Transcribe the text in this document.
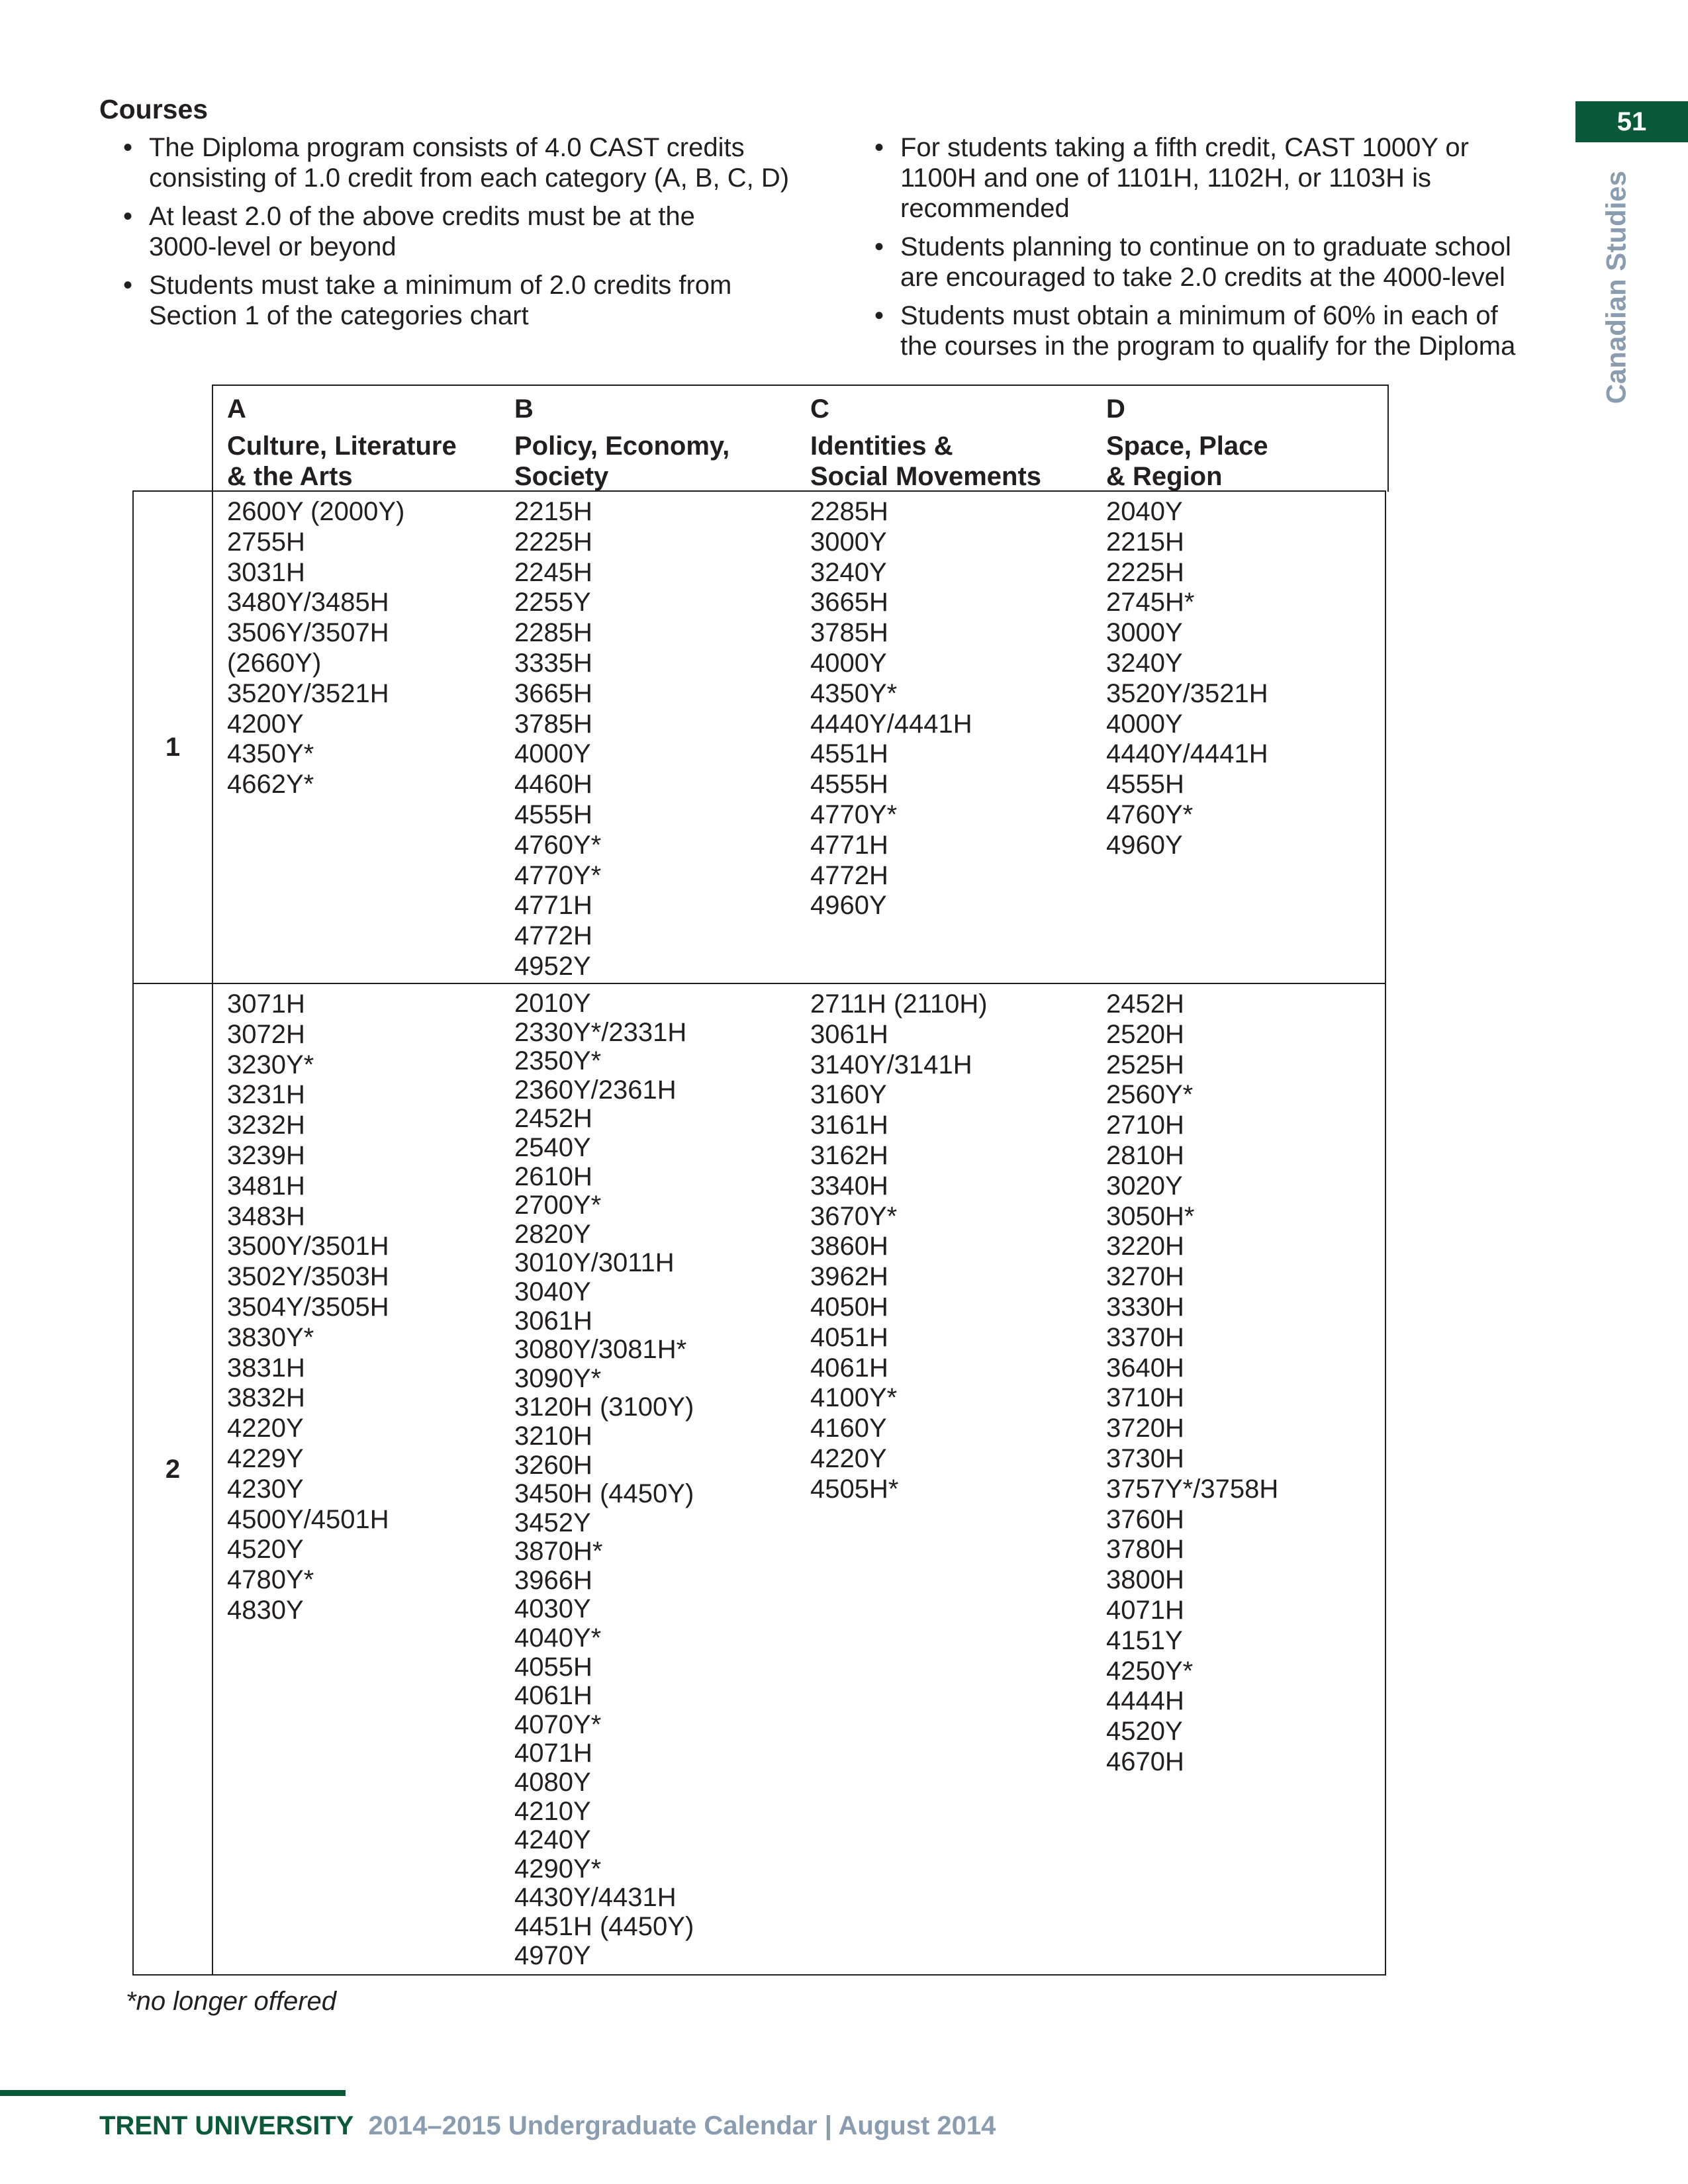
Courses
• The Diploma program consists of 4.0 CAST credits
consisting of 1.0 credit from each category (A, B, C, D)
• At least 2.0 of the above credits must be at the
3000-level or beyond
• Students must take a minimum of 2.0 credits from
Section 1 of the categories chart
• For students taking a fifth credit, CAST 1000Y or
1100H and one of 1101H, 1102H, or 1103H is
recommended
• Students planning to continue on to graduate school
are encouraged to take 2.0 credits at the 4000-level
• Students must obtain a minimum of 60% in each of
the courses in the program to qualify for the Diploma
51
Canadian Studies
A
Culture, Literature
& the Arts
B
Policy, Economy,
Society
C
Identities &
Social Movements
D
Space, Place
& Region
1
2600Y (2000Y)
2755H
3031H
3480Y/3485H
3506Y/3507H
(2660Y)
3520Y/3521H
4200Y
4350Y*
4662Y*
2215H
2225H
2245H
2255Y
2285H
3335H
3665H
3785H
4000Y
4460H
4555H
4760Y*
4770Y*
4771H
4772H
4952Y
2285H
3000Y
3240Y
3665H
3785H
4000Y
4350Y*
4440Y/4441H
4551H
4555H
4770Y*
4771H
4772H
4960Y
2040Y
2215H
2225H
2745H*
3000Y
3240Y
3520Y/3521H
4000Y
4440Y/4441H
4555H
4760Y*
4960Y
2
3071H
3072H
3230Y*
3231H
3232H
3239H
3481H
3483H
3500Y/3501H
3502Y/3503H
3504Y/3505H
3830Y*
3831H
3832H
4220Y
4229Y
4230Y
4500Y/4501H
4520Y
4780Y*
4830Y
2010Y
2330Y*/2331H
2350Y*
2360Y/2361H
2452H
2540Y
2610H
2700Y*
2820Y
3010Y/3011H
3040Y
3061H
3080Y/3081H*
3090Y*
3120H (3100Y)
3210H
3260H
3450H (4450Y)
3452Y
3870H*
3966H
4030Y
4040Y*
4055H
4061H
4070Y*
4071H
4080Y
4210Y
4240Y
4290Y*
4430Y/4431H
4451H (4450Y)
4970Y
2711H (2110H)
3061H
3140Y/3141H
3160Y
3161H
3162H
3340H
3670Y*
3860H
3962H
4050H
4051H
4061H
4100Y*
4160Y
4220Y
4505H*
2452H
2520H
2525H
2560Y*
2710H
2810H
3020Y
3050H*
3220H
3270H
3330H
3370H
3640H
3710H
3720H
3730H
3757Y*/3758H
3760H
3780H
3800H
4071H
4151Y
4250Y*
4444H
4520Y
4670H
*no longer offered
TRENT UNIVERSITY 2014–2015 Undergraduate Calendar | August 2014
